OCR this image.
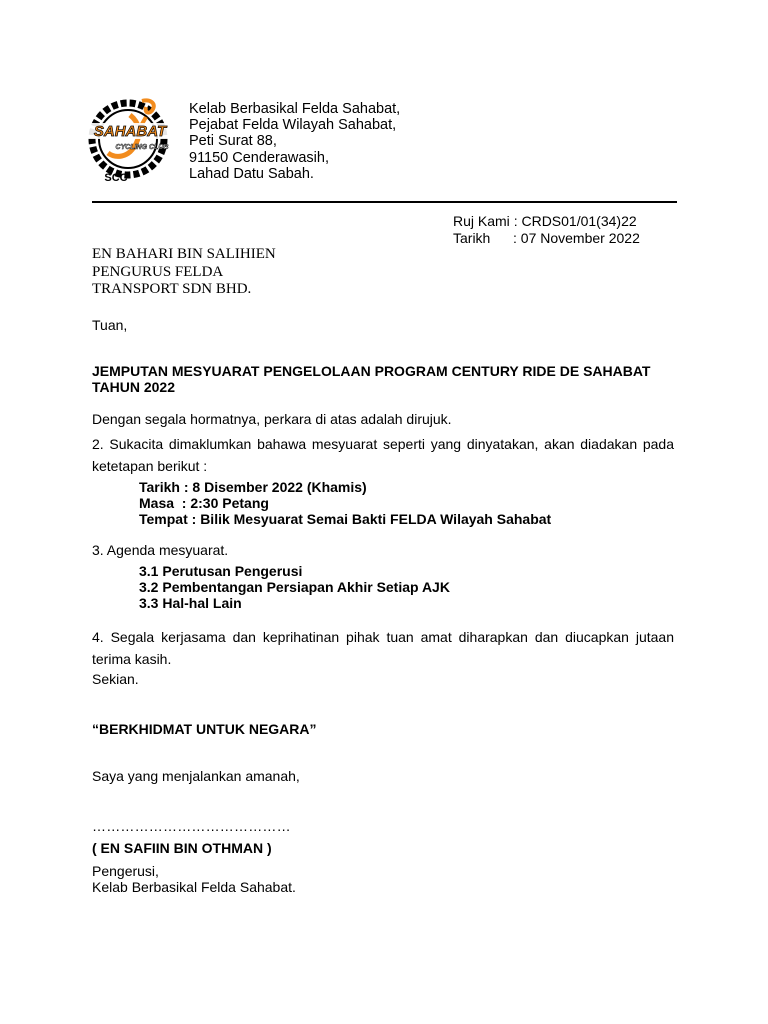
SAHABAT
CYCLING CLUB
SCC
Kelab Berbasikal Felda Sahabat,
Pejabat Felda Wilayah Sahabat,
Peti Surat 88,
91150 Cenderawasih,
Lahad Datu Sabah.
Ruj Kami : CRDS01/01(34)22
Tarikh : 07 November 2022
EN BAHARI BIN SALIHIEN
PENGURUS FELDA
TRANSPORT SDN BHD.
Tuan,
JEMPUTAN MESYUARAT PENGELOLAAN PROGRAM CENTURY RIDE DE SAHABAT TAHUN 2022
Dengan segala hormatnya, perkara di atas adalah dirujuk.
2. Sukacita dimaklumkan bahawa mesyuarat seperti yang dinyatakan, akan diadakan pada ketetapan berikut :
Tarikh : 8 Disember 2022 (Khamis)
Masa  : 2:30 Petang
Tempat : Bilik Mesyuarat Semai Bakti FELDA Wilayah Sahabat
3. Agenda mesyuarat.
3.1 Perutusan Pengerusi
3.2 Pembentangan Persiapan Akhir Setiap AJK
3.3 Hal-hal Lain
4. Segala kerjasama dan keprihatinan pihak tuan amat diharapkan dan diucapkan jutaan terima kasih.
Sekian.
“BERKHIDMAT UNTUK NEGARA”
Saya yang menjalankan amanah,
……………………………………
( EN SAFIIN BIN OTHMAN )
Pengerusi,
Kelab Berbasikal Felda Sahabat.
